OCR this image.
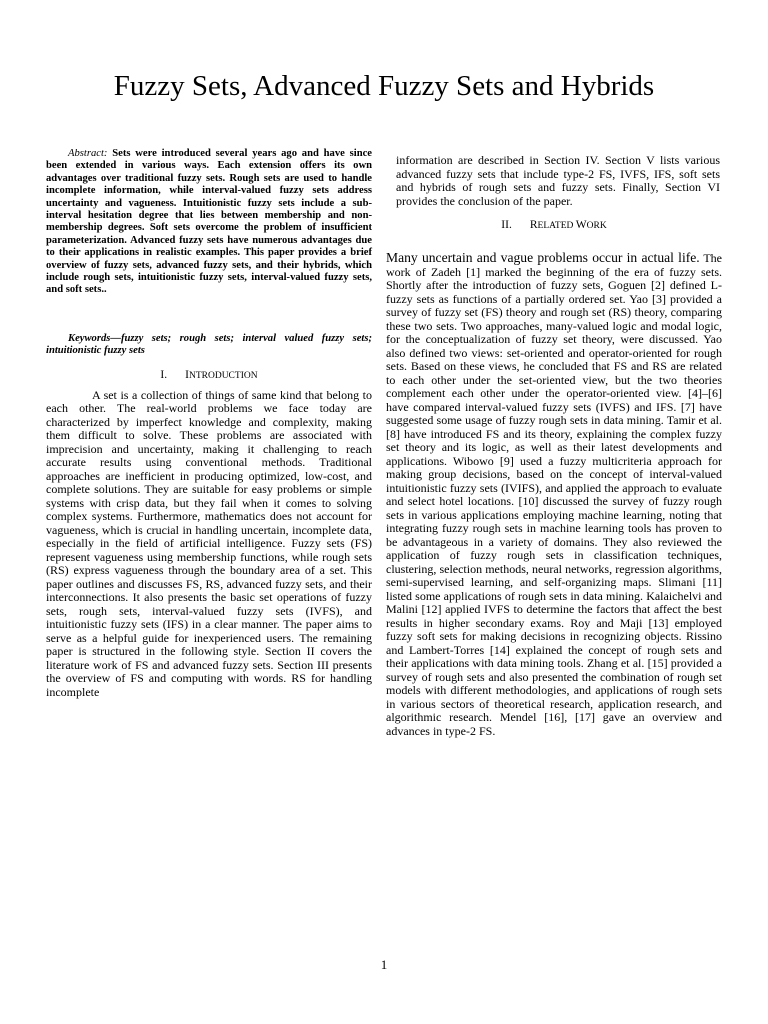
Fuzzy Sets, Advanced Fuzzy Sets and Hybrids

Abstract: Sets were introduced several years ago and have since been extended in various ways. Each extension offers its own advantages over traditional fuzzy sets. Rough sets are used to handle incomplete information, while interval-valued fuzzy sets address uncertainty and vagueness. Intuitionistic fuzzy sets include a sub-interval hesitation degree that lies between membership and non-membership degrees. Soft sets overcome the problem of insufficient parameterization. Advanced fuzzy sets have numerous advantages due to their applications in realistic examples. This paper provides a brief overview of fuzzy sets, advanced fuzzy sets, and their hybrids, which include rough sets, intuitionistic fuzzy sets, interval-valued fuzzy sets, and soft sets..

Keywords—fuzzy sets; rough sets; interval valued fuzzy sets; intuitionistic fuzzy sets

I. INTRODUCTION

A set is a collection of things of same kind that belong to each other. The real-world problems we face today are characterized by imperfect knowledge and complexity, making them difficult to solve. These problems are associated with imprecision and uncertainty, making it challenging to reach accurate results using conventional methods. Traditional approaches are inefficient in producing optimized, low-cost, and complete solutions. They are suitable for easy problems or simple systems with crisp data, but they fail when it comes to solving complex systems. Furthermore, mathematics does not account for vagueness, which is crucial in handling uncertain, incomplete data, especially in the field of artificial intelligence. Fuzzy sets (FS) represent vagueness using membership functions, while rough sets (RS) express vagueness through the boundary area of a set. This paper outlines and discusses FS, RS, advanced fuzzy sets, and their interconnections. It also presents the basic set operations of fuzzy sets, rough sets, interval-valued fuzzy sets (IVFS), and intuitionistic fuzzy sets (IFS) in a clear manner. The paper aims to serve as a helpful guide for inexperienced users. The remaining paper is structured in the following style. Section II covers the literature work of FS and advanced fuzzy sets. Section III presents the overview of FS and computing with words. RS for handling incomplete

information are described in Section IV. Section V lists various advanced fuzzy sets that include type-2 FS, IVFS, IFS, soft sets and hybrids of rough sets and fuzzy sets. Finally, Section VI provides the conclusion of the paper.

II. RELATED WORK

Many uncertain and vague problems occur in actual life. The work of Zadeh [1] marked the beginning of the era of fuzzy sets. Shortly after the introduction of fuzzy sets, Goguen [2] defined L-fuzzy sets as functions of a partially ordered set. Yao [3] provided a survey of fuzzy set (FS) theory and rough set (RS) theory, comparing these two sets. Two approaches, many-valued logic and modal logic, for the conceptualization of fuzzy set theory, were discussed. Yao also defined two views: set-oriented and operator-oriented for rough sets. Based on these views, he concluded that FS and RS are related to each other under the set-oriented view, but the two theories complement each other under the operator-oriented view. [4]–[6] have compared interval-valued fuzzy sets (IVFS) and IFS. [7] have suggested some usage of fuzzy rough sets in data mining. Tamir et al. [8] have introduced FS and its theory, explaining the complex fuzzy set theory and its logic, as well as their latest developments and applications. Wibowo [9] used a fuzzy multicriteria approach for making group decisions, based on the concept of interval-valued intuitionistic fuzzy sets (IVIFS), and applied the approach to evaluate and select hotel locations. [10] discussed the survey of fuzzy rough sets in various applications employing machine learning, noting that integrating fuzzy rough sets in machine learning tools has proven to be advantageous in a variety of domains. They also reviewed the application of fuzzy rough sets in classification techniques, clustering, selection methods, neural networks, regression algorithms, semi-supervised learning, and self-organizing maps. Slimani [11] listed some applications of rough sets in data mining. Kalaichelvi and Malini [12] applied IVFS to determine the factors that affect the best results in higher secondary exams. Roy and Maji [13] employed fuzzy soft sets for making decisions in recognizing objects. Rissino and Lambert-Torres [14] explained the concept of rough sets and their applications with data mining tools. Zhang et al. [15] provided a survey of rough sets and also presented the combination of rough set models with different methodologies, and applications of rough sets in various sectors of theoretical research, application research, and algorithmic research. Mendel [16], [17] gave an overview and advances in type-2 FS.

1
